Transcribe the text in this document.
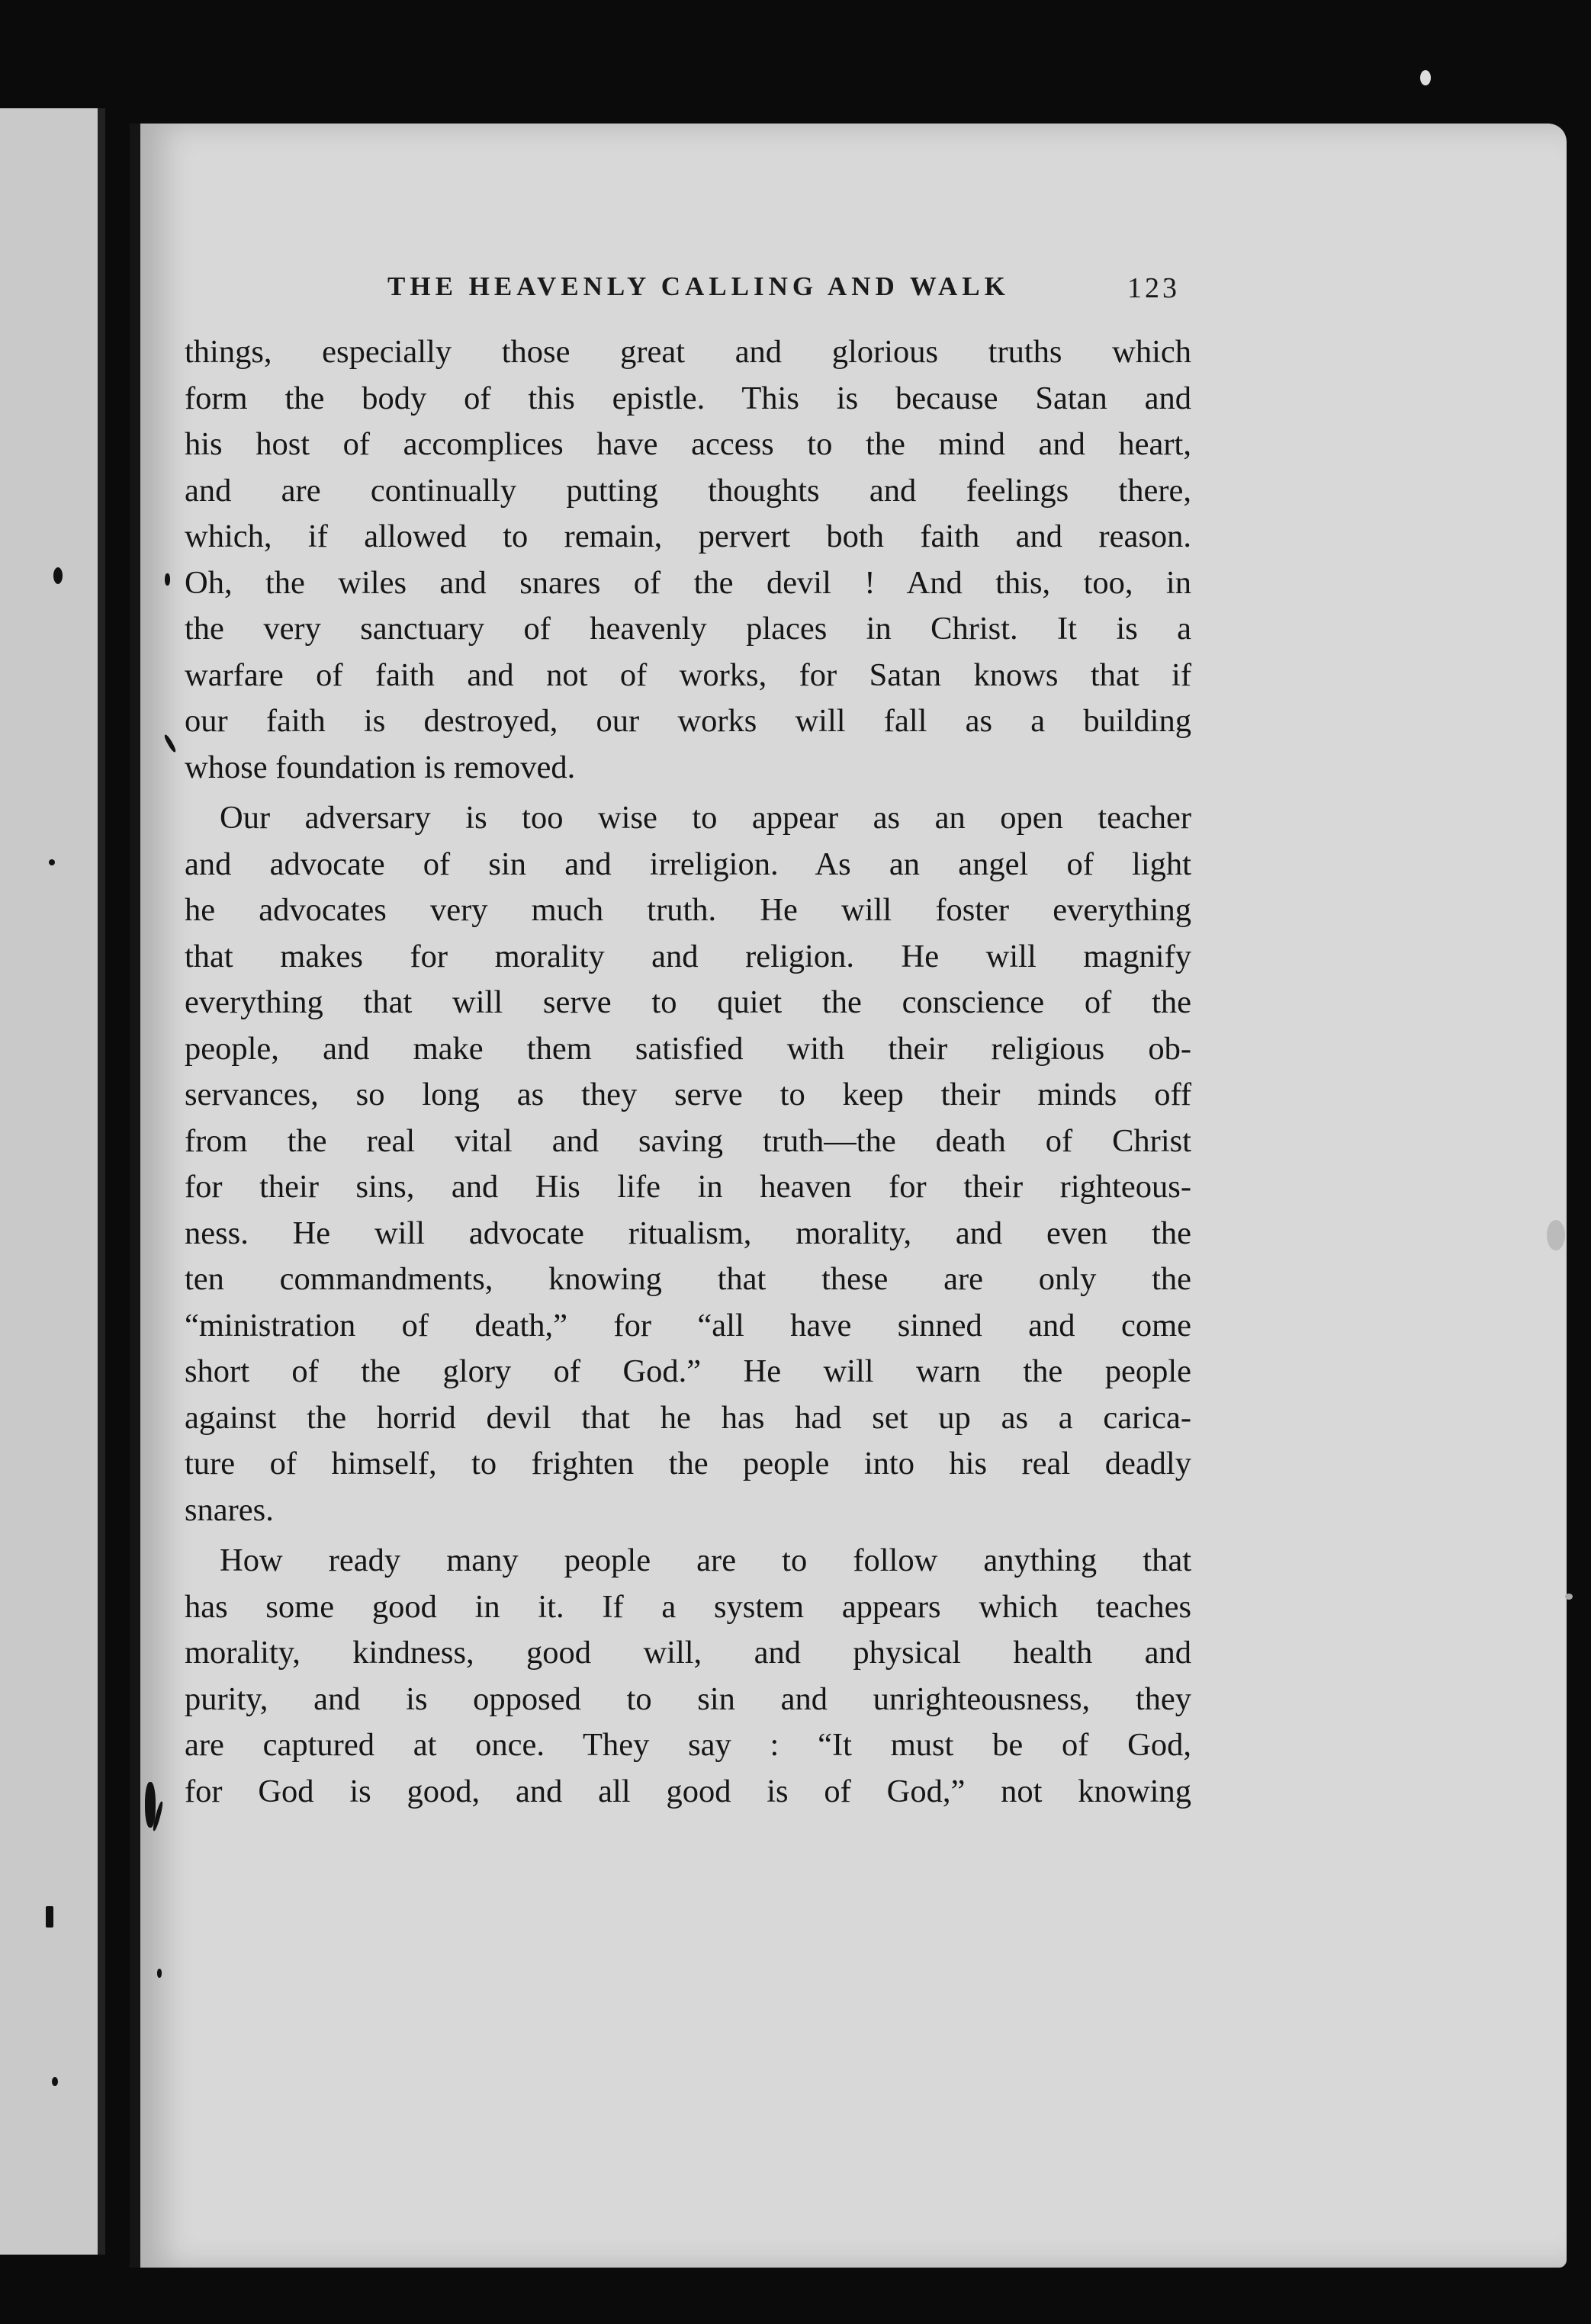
THE HEAVENLY CALLING AND WALK	123
things, especially those great and glorious truths which
form the body of this epistle. This is because Satan and
his host of accomplices have access to the mind and heart,
and are continually putting thoughts and feelings there,
which, if allowed to remain, pervert both faith and reason.
Oh, the wiles and snares of the devil ! And this, too, in
the very sanctuary of heavenly places in Christ. It is a
warfare of faith and not of works, for Satan knows that if
our faith is destroyed, our works will fall as a building
whose foundation is removed.
Our adversary is too wise to appear as an open teacher
and advocate of sin and irreligion. As an angel of light
he advocates very much truth. He will foster everything
that makes for morality and religion. He will magnify
everything that will serve to quiet the conscience of the
people, and make them satisfied with their religious ob-
servances, so long as they serve to keep their minds off
from the real vital and saving truth—the death of Christ
for their sins, and His life in heaven for their righteous-
ness. He will advocate ritualism, morality, and even the
ten commandments, knowing that these are only the
“ministration of death,” for “all have sinned and come
short of the glory of God.” He will warn the people
against the horrid devil that he has had set up as a carica-
ture of himself, to frighten the people into his real deadly
snares.
How ready many people are to follow anything that
has some good in it. If a system appears which teaches
morality, kindness, good will, and physical health and
purity, and is opposed to sin and unrighteousness, they
are captured at once. They say : “It must be of God,
for God is good, and all good is of God,” not knowing
